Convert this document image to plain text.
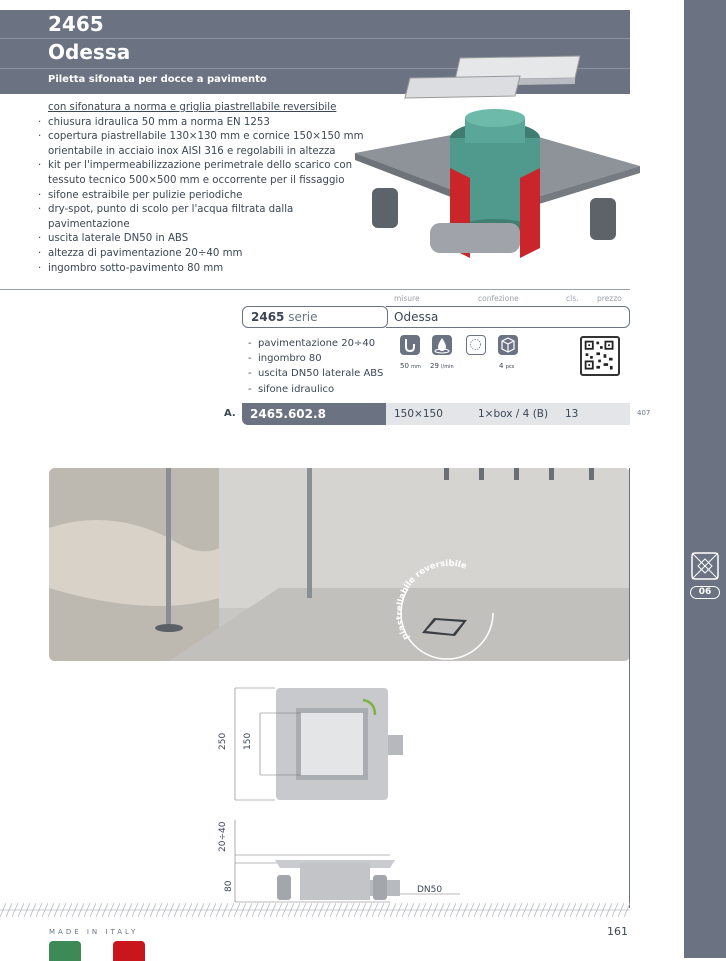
2465
Odessa
Piletta sifonata per docce a pavimento
06
con sifonatura a norma e griglia piastrellabile reversibile
· chiusura idraulica 50 mm a norma EN 1253
· copertura piastrellabile 130×130 mm e cornice 150×150 mm orientabile in acciaio inox AISI 316 e regolabili in altezza
· kit per l'impermeabilizzazione perimetrale dello scarico con tessuto tecnico 500×500 mm e occorrente per il fissaggio
· sifone estraibile per pulizie periodiche
· dry-spot, punto di scolo per l'acqua filtrata dalla pavimentazione
· uscita laterale DN50 in ABS
· altezza di pavimentazione 20÷40 mm
· ingombro sotto-pavimento 80 mm
misure	confezione	cls. prezzo
2465 serie	Odessa
- pavimentazione 20÷40
- ingombro 80
- uscita DN50 laterale ABS
- sifone idraulico
50 mm 29 l/min	4 pcs
A.	2465.602.8	150×150	1×box / 4 (B) 13	407
piastrellabile reversibile
250 150
20÷40
80	DN50
MADE IN ITALY	161
